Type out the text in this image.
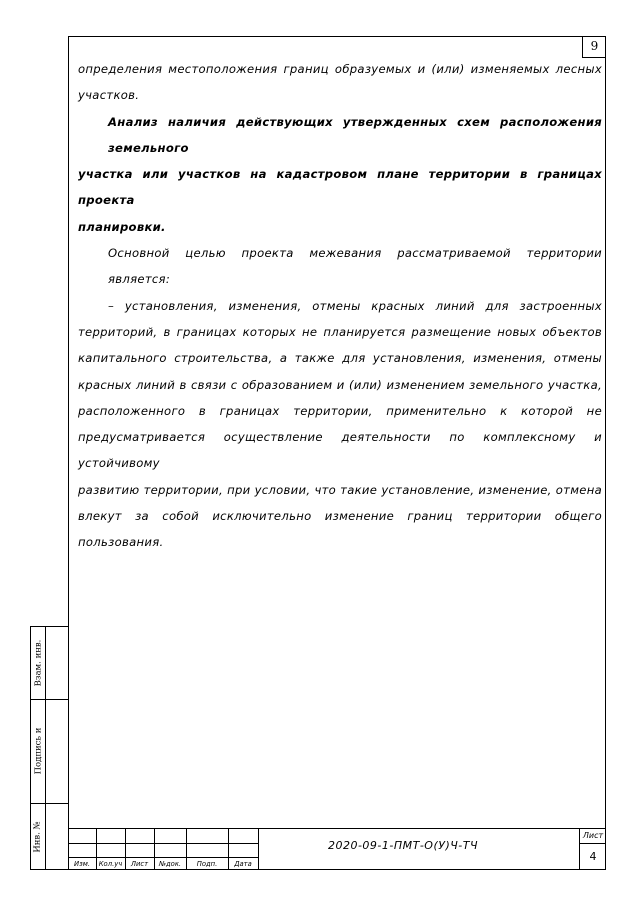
9

определения местоположения границ образуемых и (или) изменяемых лесных
участков.

Анализ наличия действующих утвержденных схем расположения земельного
участка или участков на кадастровом плане территории в границах проекта
планировки.

Основной целью проекта межевания рассматриваемой территории является:

– установления, изменения, отмены красных линий для застроенных
территорий, в границах которых не планируется размещение новых объектов
капитального строительства, а также для установления, изменения, отмены
красных линий в связи с образованием и (или) изменением земельного участка,
расположенного в границах территории, применительно к которой не
предусматривается осуществление деятельности по комплексному и устойчивому
развитию территории, при условии, что такие установление, изменение, отмена
влекут за собой исключительно изменение границ территории общего пользования.

Взам. инв.
Подпись и
Инв. №
Изм.	Кол.уч	Лист	№док.	Подп.	Дата
2020-09-1-ПМТ-О(У)Ч-ТЧ
Лист
4
